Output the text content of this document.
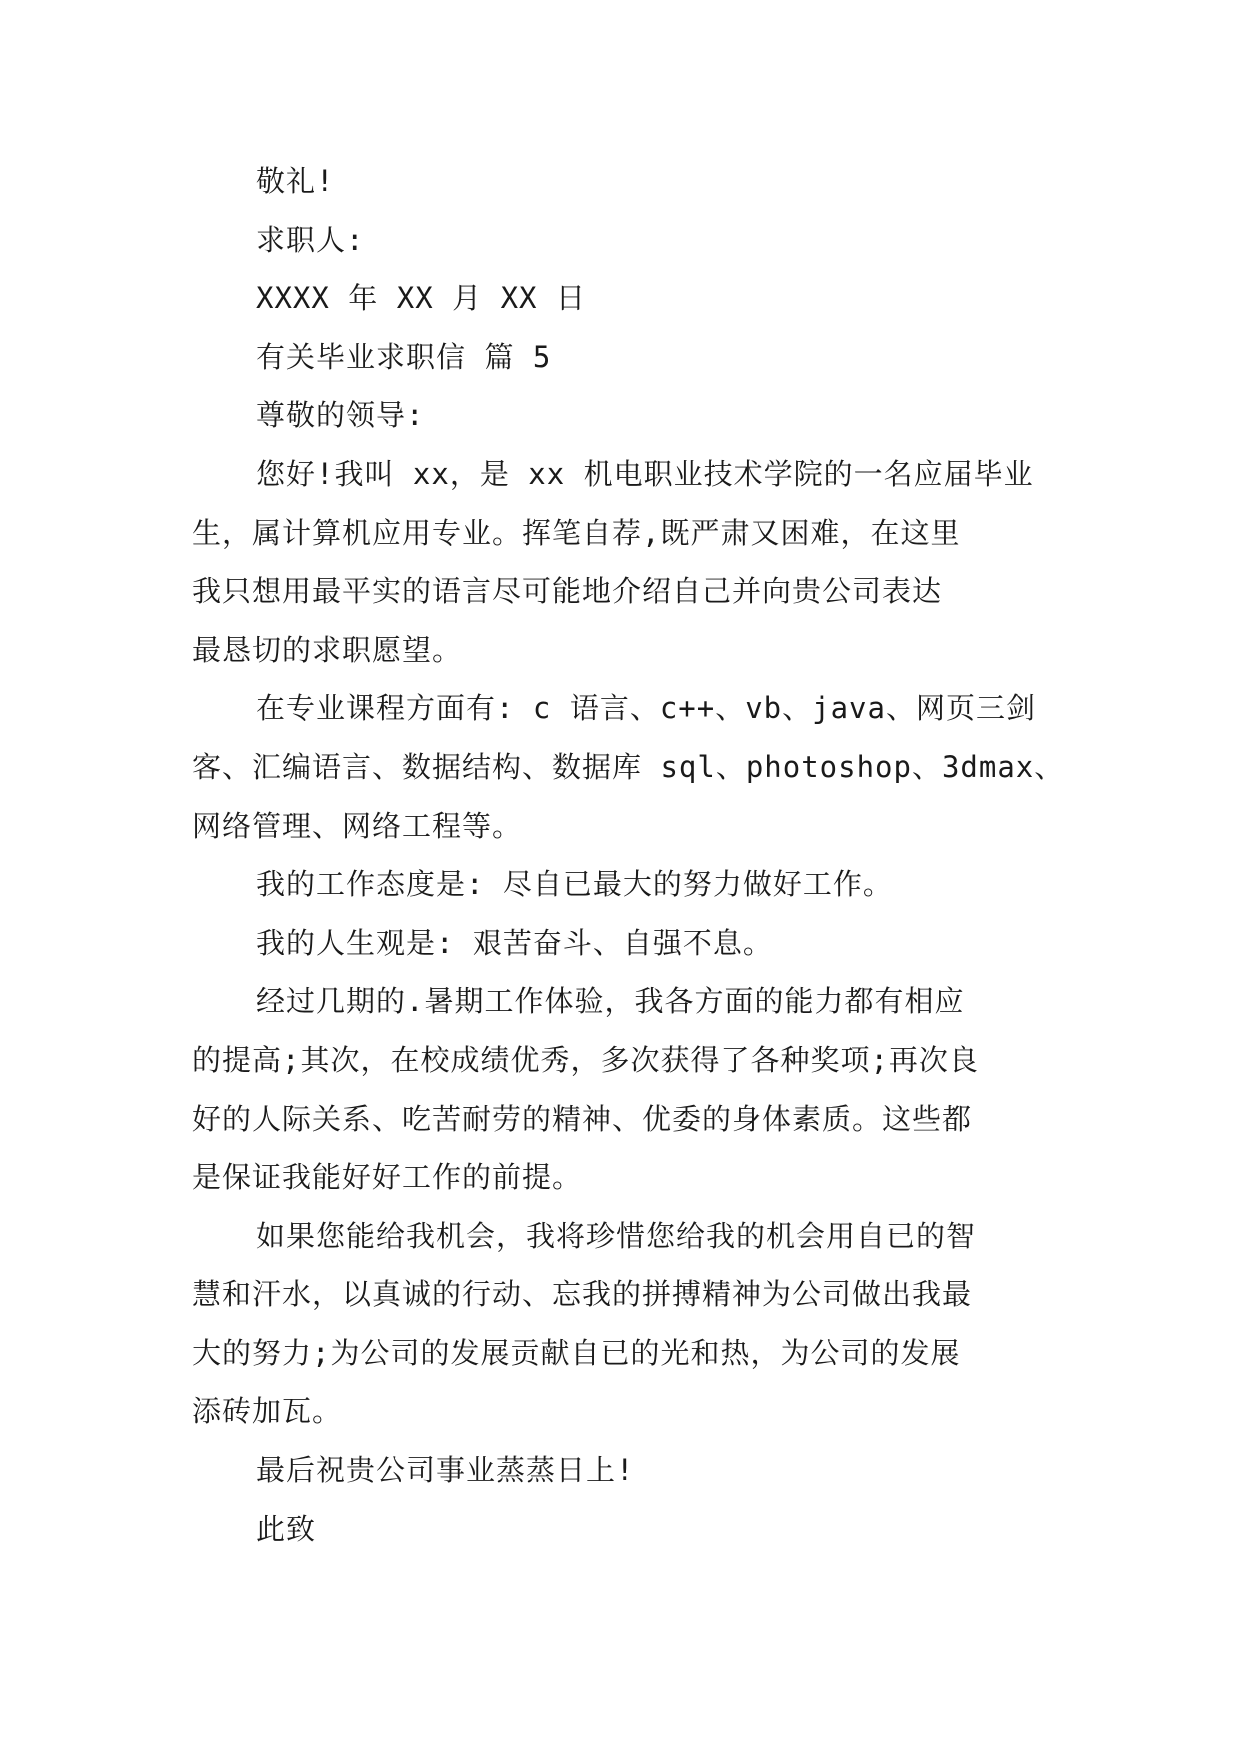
敬礼!
求职人:
XXXX 年 XX 月 XX 日
有关毕业求职信 篇 5
尊敬的领导:
您好!我叫 xx，是 xx 机电职业技术学院的一名应届毕业
生，属计算机应用专业。挥笔自荐,既严肃又困难，在这里
我只想用最平实的语言尽可能地介绍自己并向贵公司表达
最恳切的求职愿望。
在专业课程方面有: c 语言、c++、vb、java、网页三剑
客、汇编语言、数据结构、数据库 sql、photoshop、3dmax、
网络管理、网络工程等。
我的工作态度是: 尽自已最大的努力做好工作。
我的人生观是: 艰苦奋斗、自强不息。
经过几期的.暑期工作体验，我各方面的能力都有相应
的提高;其次，在校成绩优秀，多次获得了各种奖项;再次良
好的人际关系、吃苦耐劳的精神、优委的身体素质。这些都
是保证我能好好工作的前提。
如果您能给我机会，我将珍惜您给我的机会用自已的智
慧和汗水，以真诚的行动、忘我的拼搏精神为公司做出我最
大的努力;为公司的发展贡献自已的光和热，为公司的发展
添砖加瓦。
最后祝贵公司事业蒸蒸日上!
此致
